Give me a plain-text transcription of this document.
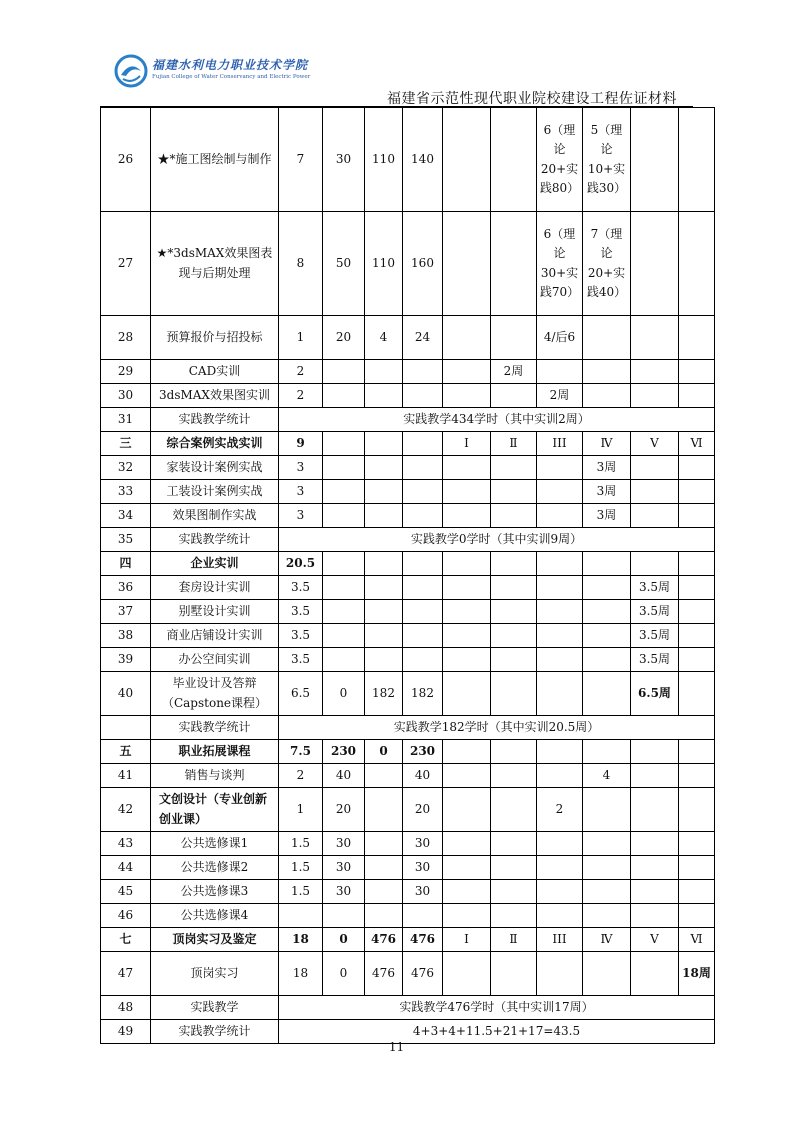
福建水利电力职业技术学院
Fujian College of Water Conservancy and Electric Power
福建省示范性现代职业院校建设工程佐证材料
26	★*施工图绘制与制作	7	30	110	140			6（理论20+实践80）	5（理论10+实践30）		
27	★*3dsMAX效果图表现与后期处理	8	50	110	160			6（理论30+实践70）	7（理论20+实践40）		
28	预算报价与招投标	1	20	4	24			4/后6			
29	CAD实训	2					2周				
30	3dsMAX效果图实训	2						2周			
31	实践教学统计	实践教学434学时（其中实训2周）									
三	综合案例实战实训	9				Ⅰ	Ⅱ	III	Ⅳ	Ⅴ	Ⅵ
32	家装设计案例实战	3							3周		
33	工装设计案例实战	3							3周		
34	效果图制作实战	3							3周		
35	实践教学统计	实践教学0学时（其中实训9周）									
四	企业实训	20.5									
36	套房设计实训	3.5								3.5周	
37	别墅设计实训	3.5								3.5周	
38	商业店铺设计实训	3.5								3.5周	
39	办公空间实训	3.5								3.5周	
40	毕业设计及答辩（Capstone课程）	6.5	0	182	182					6.5周	
	实践教学统计	实践教学182学时（其中实训20.5周）									
五	职业拓展课程	7.5	230	0	230						
41	销售与谈判	2	40		40				4		
42	文创设计（专业创新创业课）	1	20		20			2			
43	公共选修课1	1.5	30		30						
44	公共选修课2	1.5	30		30						
45	公共选修课3	1.5	30		30						
46	公共选修课4										
七	顶岗实习及鉴定	18	0	476	476	Ⅰ	Ⅱ	III	Ⅳ	Ⅴ	Ⅵ
47	顶岗实习	18	0	476	476						18周
48	实践教学	实践教学476学时（其中实训17周）									
49	实践教学统计	4+3+4+11.5+21+17=43.5									
11
